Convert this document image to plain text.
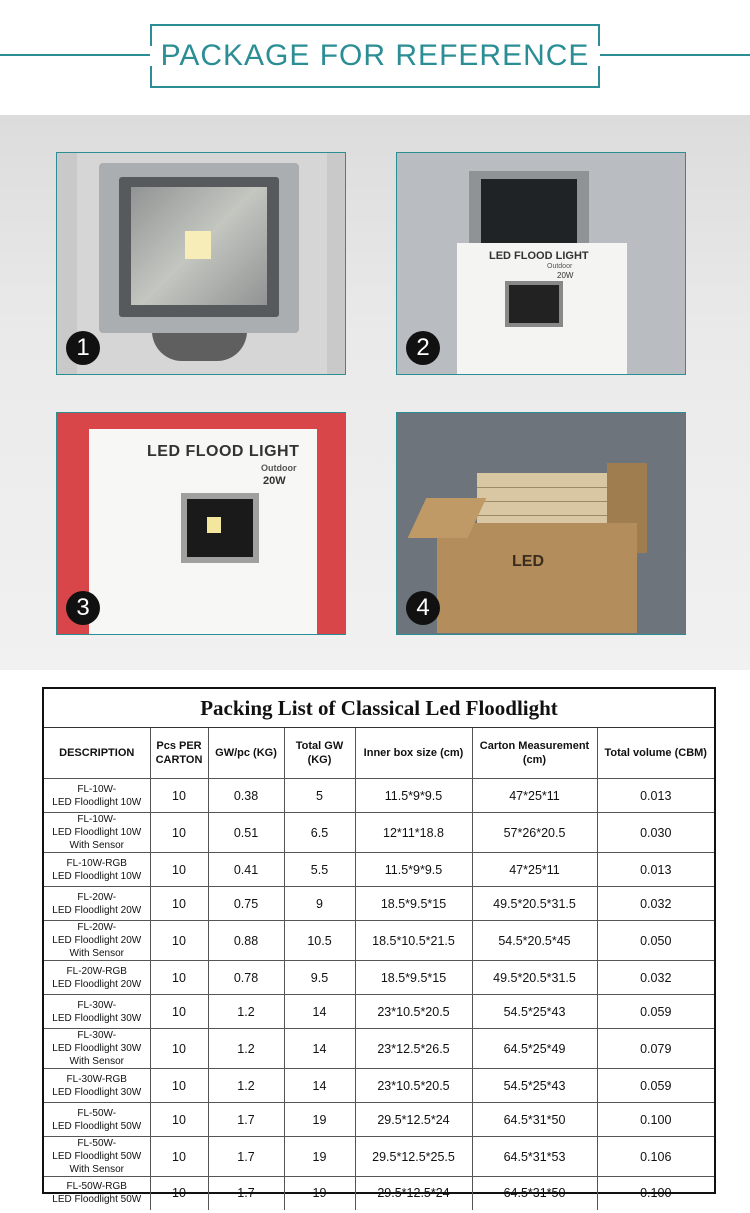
PACKAGE FOR REFERENCE
1
LED FLOOD LIGHT
Outdoor
20W
2
LED FLOOD LIGHT
Outdoor
20W
3
LED
4
Packing List of Classical Led Floodlight
DESCRIPTION	Pcs PER CARTON	GW/pc (KG)	Total GW (KG)	Inner box size (cm)	Carton Measurement (cm)	Total volume (CBM)

FL-10W-
LED Floodlight 10W	10	0.38	5	11.5*9*9.5	47*25*11	0.013

FL-10W-
LED Floodlight 10W
With Sensor	10	0.51	6.5	12*11*18.8	57*26*20.5	0.030

FL-10W-RGB
LED Floodlight 10W	10	0.41	5.5	11.5*9*9.5	47*25*11	0.013

FL-20W-
LED Floodlight 20W	10	0.75	9	18.5*9.5*15	49.5*20.5*31.5	0.032

FL-20W-
LED Floodlight 20W
With Sensor	10	0.88	10.5	18.5*10.5*21.5	54.5*20.5*45	0.050

FL-20W-RGB
LED Floodlight 20W	10	0.78	9.5	18.5*9.5*15	49.5*20.5*31.5	0.032

FL-30W-
LED Floodlight 30W	10	1.2	14	23*10.5*20.5	54.5*25*43	0.059

FL-30W-
LED Floodlight 30W
With Sensor	10	1.2	14	23*12.5*26.5	64.5*25*49	0.079

FL-30W-RGB
LED Floodlight 30W	10	1.2	14	23*10.5*20.5	54.5*25*43	0.059

FL-50W-
LED Floodlight 50W	10	1.7	19	29.5*12.5*24	64.5*31*50	0.100

FL-50W-
LED Floodlight 50W
With Sensor	10	1.7	19	29.5*12.5*25.5	64.5*31*53	0.106

FL-50W-RGB
LED Floodlight 50W	10	1.7	19	29.5*12.5*24	64.5*31*50	0.100
